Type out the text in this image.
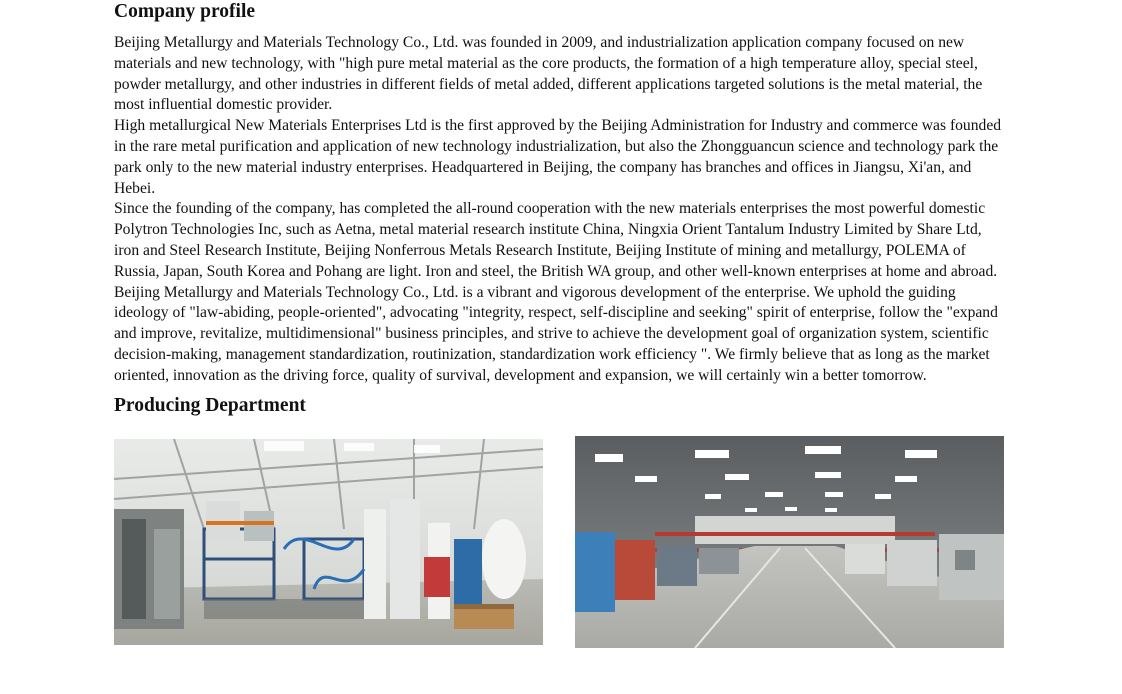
Company profile

Beijing Metallurgy and Materials Technology Co., Ltd. was founded in 2009, and industrialization application company focused on new materials and new technology, with "high pure metal material as the core products, the formation of a high temperature alloy, special steel, powder metallurgy, and other industries in different fields of metal added, different applications targeted solutions is the metal material, the most influential domestic provider.

High metallurgical New Materials Enterprises Ltd is the first approved by the Beijing Administration for Industry and commerce was founded in the rare metal purification and application of new technology industrialization, but also the Zhongguancun science and technology park the park only to the new material industry enterprises. Headquartered in Beijing, the company has branches and offices in Jiangsu, Xi'an, and Hebei.

Since the founding of the company, has completed the all-round cooperation with the new materials enterprises the most powerful domestic Polytron Technologies Inc, such as Aetna, metal material research institute China, Ningxia Orient Tantalum Industry Limited by Share Ltd, iron and Steel Research Institute, Beijing Nonferrous Metals Research Institute, Beijing Institute of mining and metallurgy, POLEMA of Russia, Japan, South Korea and Pohang are light. Iron and steel, the British WA group, and other well-known enterprises at home and abroad.

Beijing Metallurgy and Materials Technology Co., Ltd. is a vibrant and vigorous development of the enterprise. We uphold the guiding ideology of "law-abiding, people-oriented", advocating "integrity, respect, self-discipline and seeking" spirit of enterprise, follow the "expand and improve, revitalize, multidimensional" business principles, and strive to achieve the development goal of organization system, scientific decision-making, management standardization, routinization, standardization work efficiency ". We firmly believe that as long as the market oriented, innovation as the driving force, quality of survival, development and expansion, we will certainly win a better tomorrow.

Producing Department
